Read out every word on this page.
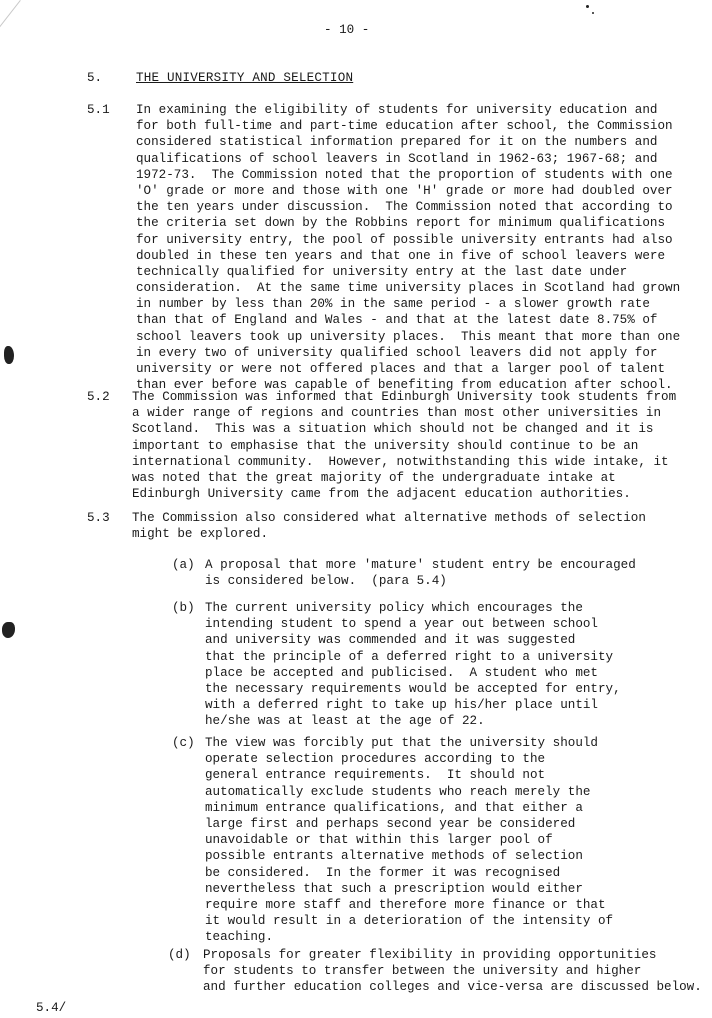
- 10 -
5.	THE UNIVERSITY AND SELECTION
5.1 In examining the eligibility of students for university education and
for both full-time and part-time education after school, the Commission
considered statistical information prepared for it on the numbers and
qualifications of school leavers in Scotland in 1962-63; 1967-68; and
1972-73.  The Commission noted that the proportion of students with one
'O' grade or more and those with one 'H' grade or more had doubled over
the ten years under discussion.  The Commission noted that according to
the criteria set down by the Robbins report for minimum qualifications
for university entry, the pool of possible university entrants had also
doubled in these ten years and that one in five of school leavers were
technically qualified for university entry at the last date under
consideration.  At the same time university places in Scotland had grown
in number by less than 20% in the same period - a slower growth rate
than that of England and Wales - and that at the latest date 8.75% of
school leavers took up university places.  This meant that more than one
in every two of university qualified school leavers did not apply for
university or were not offered places and that a larger pool of talent
than ever before was capable of benefiting from education after school.
5.2 The Commission was informed that Edinburgh University took students from
a wider range of regions and countries than most other universities in
Scotland.  This was a situation which should not be changed and it is
important to emphasise that the university should continue to be an
international community.  However, notwithstanding this wide intake, it
was noted that the great majority of the undergraduate intake at
Edinburgh University came from the adjacent education authorities.
5.3 The Commission also considered what alternative methods of selection
might be explored.
(a) A proposal that more 'mature' student entry be encouraged
is considered below.  (para 5.4)
(b) The current university policy which encourages the
intending student to spend a year out between school
and university was commended and it was suggested
that the principle of a deferred right to a university
place be accepted and publicised.  A student who met
the necessary requirements would be accepted for entry,
with a deferred right to take up his/her place until
he/she was at least at the age of 22.
(c) The view was forcibly put that the university should
operate selection procedures according to the
general entrance requirements.  It should not
automatically exclude students who reach merely the
minimum entrance qualifications, and that either a
large first and perhaps second year be considered
unavoidable or that within this larger pool of
possible entrants alternative methods of selection
be considered.  In the former it was recognised
nevertheless that such a prescription would either
require more staff and therefore more finance or that
it would result in a deterioration of the intensity of
teaching.
(d) Proposals for greater flexibility in providing opportunities
for students to transfer between the university and higher
and further education colleges and vice-versa are discussed below.
5.4/
